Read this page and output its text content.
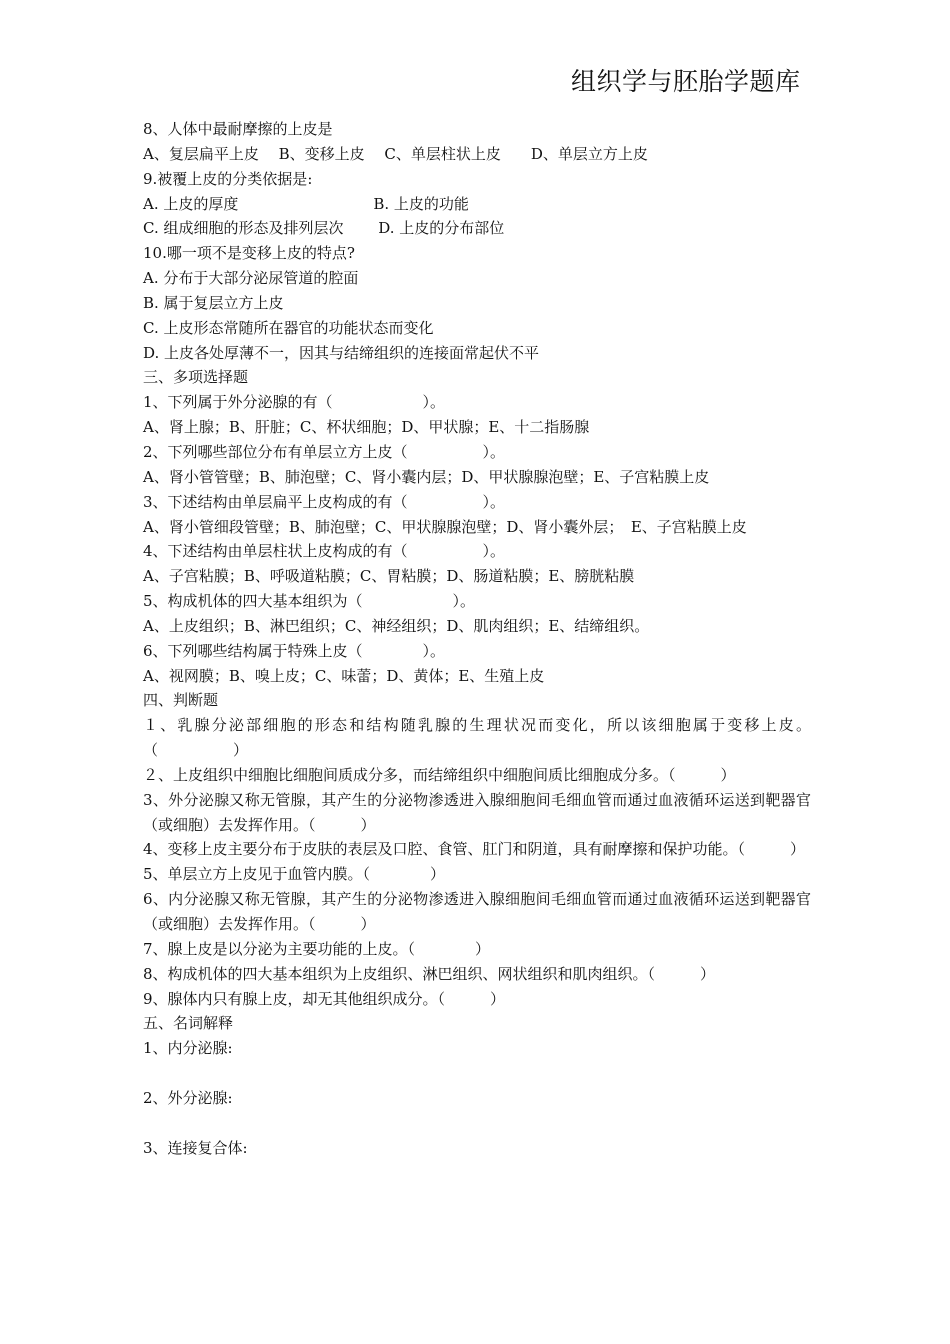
组织学与胚胎学题库
8、人体中最耐摩擦的上皮是
A、复层扁平上皮　 B、变移上皮　 C、单层柱状上皮　　D、单层立方上皮
9.被覆上皮的分类依据是:
A. 上皮的厚度　　　　　　　　　B. 上皮的功能
C. 组成细胞的形态及排列层次　　 D. 上皮的分布部位
10.哪一项不是变移上皮的特点?
A. 分布于大部分泌尿管道的腔面
B. 属于复层立方上皮
C. 上皮形态常随所在器官的功能状态而变化
D. 上皮各处厚薄不一，因其与结缔组织的连接面常起伏不平
三、多项选择题
1、下列属于外分泌腺的有（　　　　　　）。
A、肾上腺；B、肝脏；C、杯状细胞；D、甲状腺；E、十二指肠腺
2、下列哪些部位分布有单层立方上皮（　　　　　）。
A、肾小管管壁；B、肺泡壁；C、肾小囊内层；D、甲状腺腺泡壁；E、子宫粘膜上皮
3、下述结构由单层扁平上皮构成的有（　　　　　）。
A、肾小管细段管壁；B、肺泡壁；C、甲状腺腺泡壁；D、肾小囊外层；　E、子宫粘膜上皮
4、下述结构由单层柱状上皮构成的有（　　　　　）。
A、子宫粘膜；B、呼吸道粘膜；C、胃粘膜；D、肠道粘膜；E、膀胱粘膜
5、构成机体的四大基本组织为（　　　　　　）。
A、上皮组织；B、淋巴组织；C、神经组织；D、肌肉组织；E、结缔组织。
6、下列哪些结构属于特殊上皮（　　　　）。
A、视网膜；B、嗅上皮；C、味蕾；D、黄体；E、生殖上皮
四、判断题
１、乳腺分泌部细胞的形态和结构随乳腺的生理状况而变化，所以该细胞属于变移上皮。（　　　　　）
２、上皮组织中细胞比细胞间质成分多，而结缔组织中细胞间质比细胞成分多。（　　　）
3、外分泌腺又称无管腺，其产生的分泌物渗透进入腺细胞间毛细血管而通过血液循环运送到靶器官（或细胞）去发挥作用。（　　　）
4、变移上皮主要分布于皮肤的表层及口腔、食管、肛门和阴道，具有耐摩擦和保护功能。（　　　）
5、单层立方上皮见于血管内膜。（　　　　）
6、内分泌腺又称无管腺，其产生的分泌物渗透进入腺细胞间毛细血管而通过血液循环运送到靶器官（或细胞）去发挥作用。（　　　）
7、腺上皮是以分泌为主要功能的上皮。（　　　　）
8、构成机体的四大基本组织为上皮组织、淋巴组织、网状组织和肌肉组织。（　　　）
9、腺体内只有腺上皮，却无其他组织成分。（　　　）
五、名词解释
1、内分泌腺:
2、外分泌腺:
3、连接复合体:
